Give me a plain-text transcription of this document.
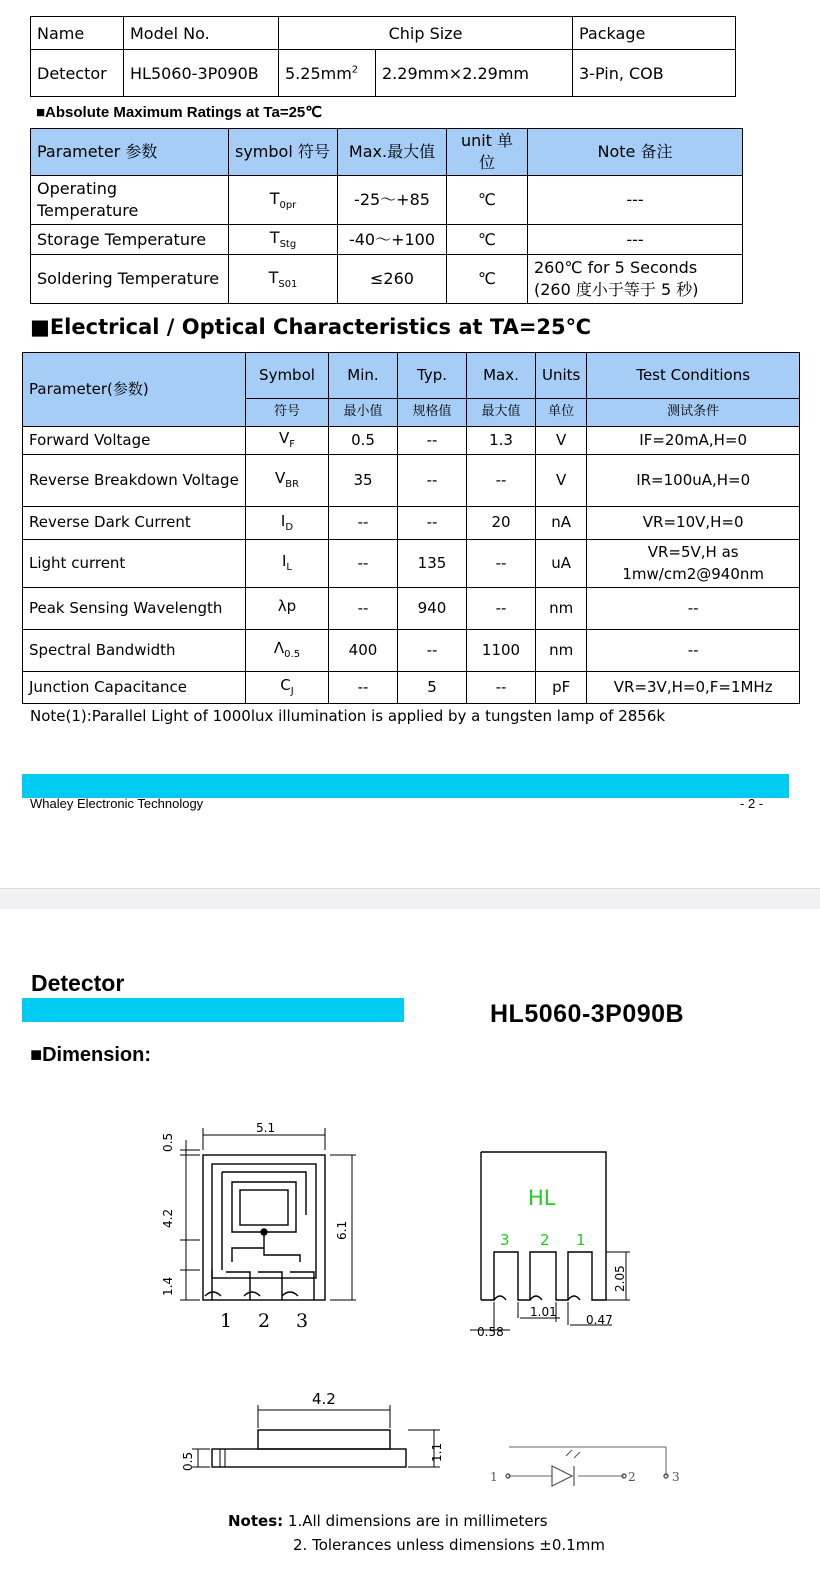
Name	Model No.	Chip Size		Package
Detector	HL5060-3P090B	$5.25mm^2$	2.29mm×2.29mm	3-Pin, COB
■Absolute Maximum Ratings at Ta=25℃
Parameter 参数	symbol 符号	Max.最大值	unit 单位	Note 备注
Operating Temperature	$T_{0pr}$	-25～+85	℃	---
Storage Temperature	$T_{Stg}$	-40～+100	℃	---
Soldering Temperature	$T_{S01}$	≤260	℃	260℃ for 5 Seconds (260 度小于等于 5 秒)
■Electrical / Optical Characteristics at TA=25℃
Parameter(参数)	Symbol	Min.	Typ.	Max.	Units	Test Conditions
	符号	最小值	规格值	最大值	单位	测试条件
Forward Voltage	$V_F$	0.5	--	1.3	V	IF=20mA,H=0
Reverse Breakdown Voltage	$V_{BR}$	35	--	--	V	IR=100uA,H=0
Reverse Dark Current	$I_D$	--	--	20	nA	VR=10V,H=0
Light current	$I_L$	--	135	--	uA	VR=5V,H as 1mw/cm2@940nm
Peak Sensing Wavelength	λp	--	940	--	nm	--
Spectral Bandwidth	$\Lambda_{0.5}$	400	--	1100	nm	--
Junction Capacitance	$C_J$	--	5	--	pF	VR=3V,H=0,F=1MHz
Note(1):Parallel Light of 1000lux illumination is applied by a tungsten lamp of 2856k
Whaley Electronic Technology	- 2 -
Detector
HL5060-3P090B
■Dimension:
5.1
0.5
4.2
6.1
1.4
1 2 3
HL
3 2 1
2.05
1.01
0.58
0.47
4.2
0.5	1.1
1	2	3
Notes: 1.All dimensions are in millimeters
2. Tolerances unless dimensions ±0.1mm
